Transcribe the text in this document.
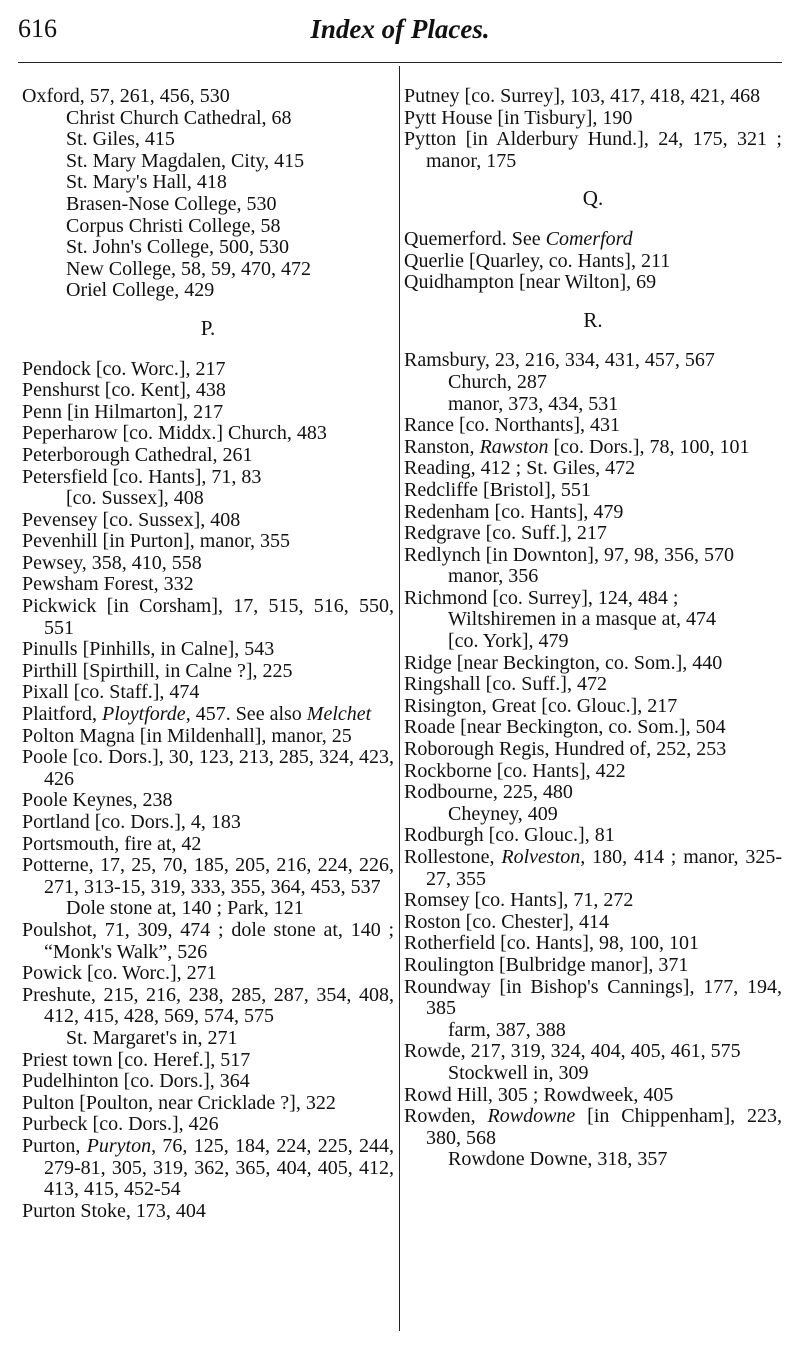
616	Index of Places.
Oxford, 57, 261, 456, 530
Christ Church Cathedral, 68
St. Giles, 415
St. Mary Magdalen, City, 415
St. Mary's Hall, 418
Brasen-Nose College, 530
Corpus Christi College, 58
St. John's College, 500, 530
New College, 58, 59, 470, 472
Oriel College, 429
P.
Pendock [co. Worc.], 217
Penshurst [co. Kent], 438
Penn [in Hilmarton], 217
Peperharow [co. Middx.] Church, 483
Peterborough Cathedral, 261
Petersfield [co. Hants], 71, 83
[co. Sussex], 408
Pevensey [co. Sussex], 408
Pevenhill [in Purton], manor, 355
Pewsey, 358, 410, 558
Pewsham Forest, 332
Pickwick [in Corsham], 17, 515, 516, 550, 551
Pinulls [Pinhills, in Calne], 543
Pirthill [Spirthill, in Calne ?], 225
Pixall [co. Staff.], 474
Plaitford, Ploytforde, 457. See also Melchet
Polton Magna [in Mildenhall], manor, 25
Poole [co. Dors.], 30, 123, 213, 285, 324, 423, 426
Poole Keynes, 238
Portland [co. Dors.], 4, 183
Portsmouth, fire at, 42
Potterne, 17, 25, 70, 185, 205, 216, 224, 226, 271, 313-15, 319, 333, 355, 364, 453, 537
Dole stone at, 140 ; Park, 121
Poulshot, 71, 309, 474 ; dole stone at, 140 ; “Monk's Walk”, 526
Powick [co. Worc.], 271
Preshute, 215, 216, 238, 285, 287, 354, 408, 412, 415, 428, 569, 574, 575
St. Margaret's in, 271
Priest town [co. Heref.], 517
Pudelhinton [co. Dors.], 364
Pulton [Poulton, near Cricklade ?], 322
Purbeck [co. Dors.], 426
Purton, Puryton, 76, 125, 184, 224, 225, 244, 279-81, 305, 319, 362, 365, 404, 405, 412, 413, 415, 452-54
Purton Stoke, 173, 404
Putney [co. Surrey], 103, 417, 418, 421, 468
Pytt House [in Tisbury], 190
Pytton [in Alderbury Hund.], 24, 175, 321 ; manor, 175
Q.
Quemerford. See Comerford
Querlie [Quarley, co. Hants], 211
Quidhampton [near Wilton], 69
R.
Ramsbury, 23, 216, 334, 431, 457, 567
Church, 287
manor, 373, 434, 531
Rance [co. Northants], 431
Ranston, Rawston [co. Dors.], 78, 100, 101
Reading, 412 ; St. Giles, 472
Redcliffe [Bristol], 551
Redenham [co. Hants], 479
Redgrave [co. Suff.], 217
Redlynch [in Downton], 97, 98, 356, 570
manor, 356
Richmond [co. Surrey], 124, 484 ;
Wiltshiremen in a masque at, 474
[co. York], 479
Ridge [near Beckington, co. Som.], 440
Ringshall [co. Suff.], 472
Risington, Great [co. Glouc.], 217
Roade [near Beckington, co. Som.], 504
Roborough Regis, Hundred of, 252, 253
Rockborne [co. Hants], 422
Rodbourne, 225, 480
Cheyney, 409
Rodburgh [co. Glouc.], 81
Rollestone, Rolveston, 180, 414 ; manor, 325-27, 355
Romsey [co. Hants], 71, 272
Roston [co. Chester], 414
Rotherfield [co. Hants], 98, 100, 101
Roulington [Bulbridge manor], 371
Roundway [in Bishop's Cannings], 177, 194, 385
farm, 387, 388
Rowde, 217, 319, 324, 404, 405, 461, 575
Stockwell in, 309
Rowd Hill, 305 ; Rowdweek, 405
Rowden, Rowdowne [in Chippenham], 223, 380, 568
Rowdone Downe, 318, 357
